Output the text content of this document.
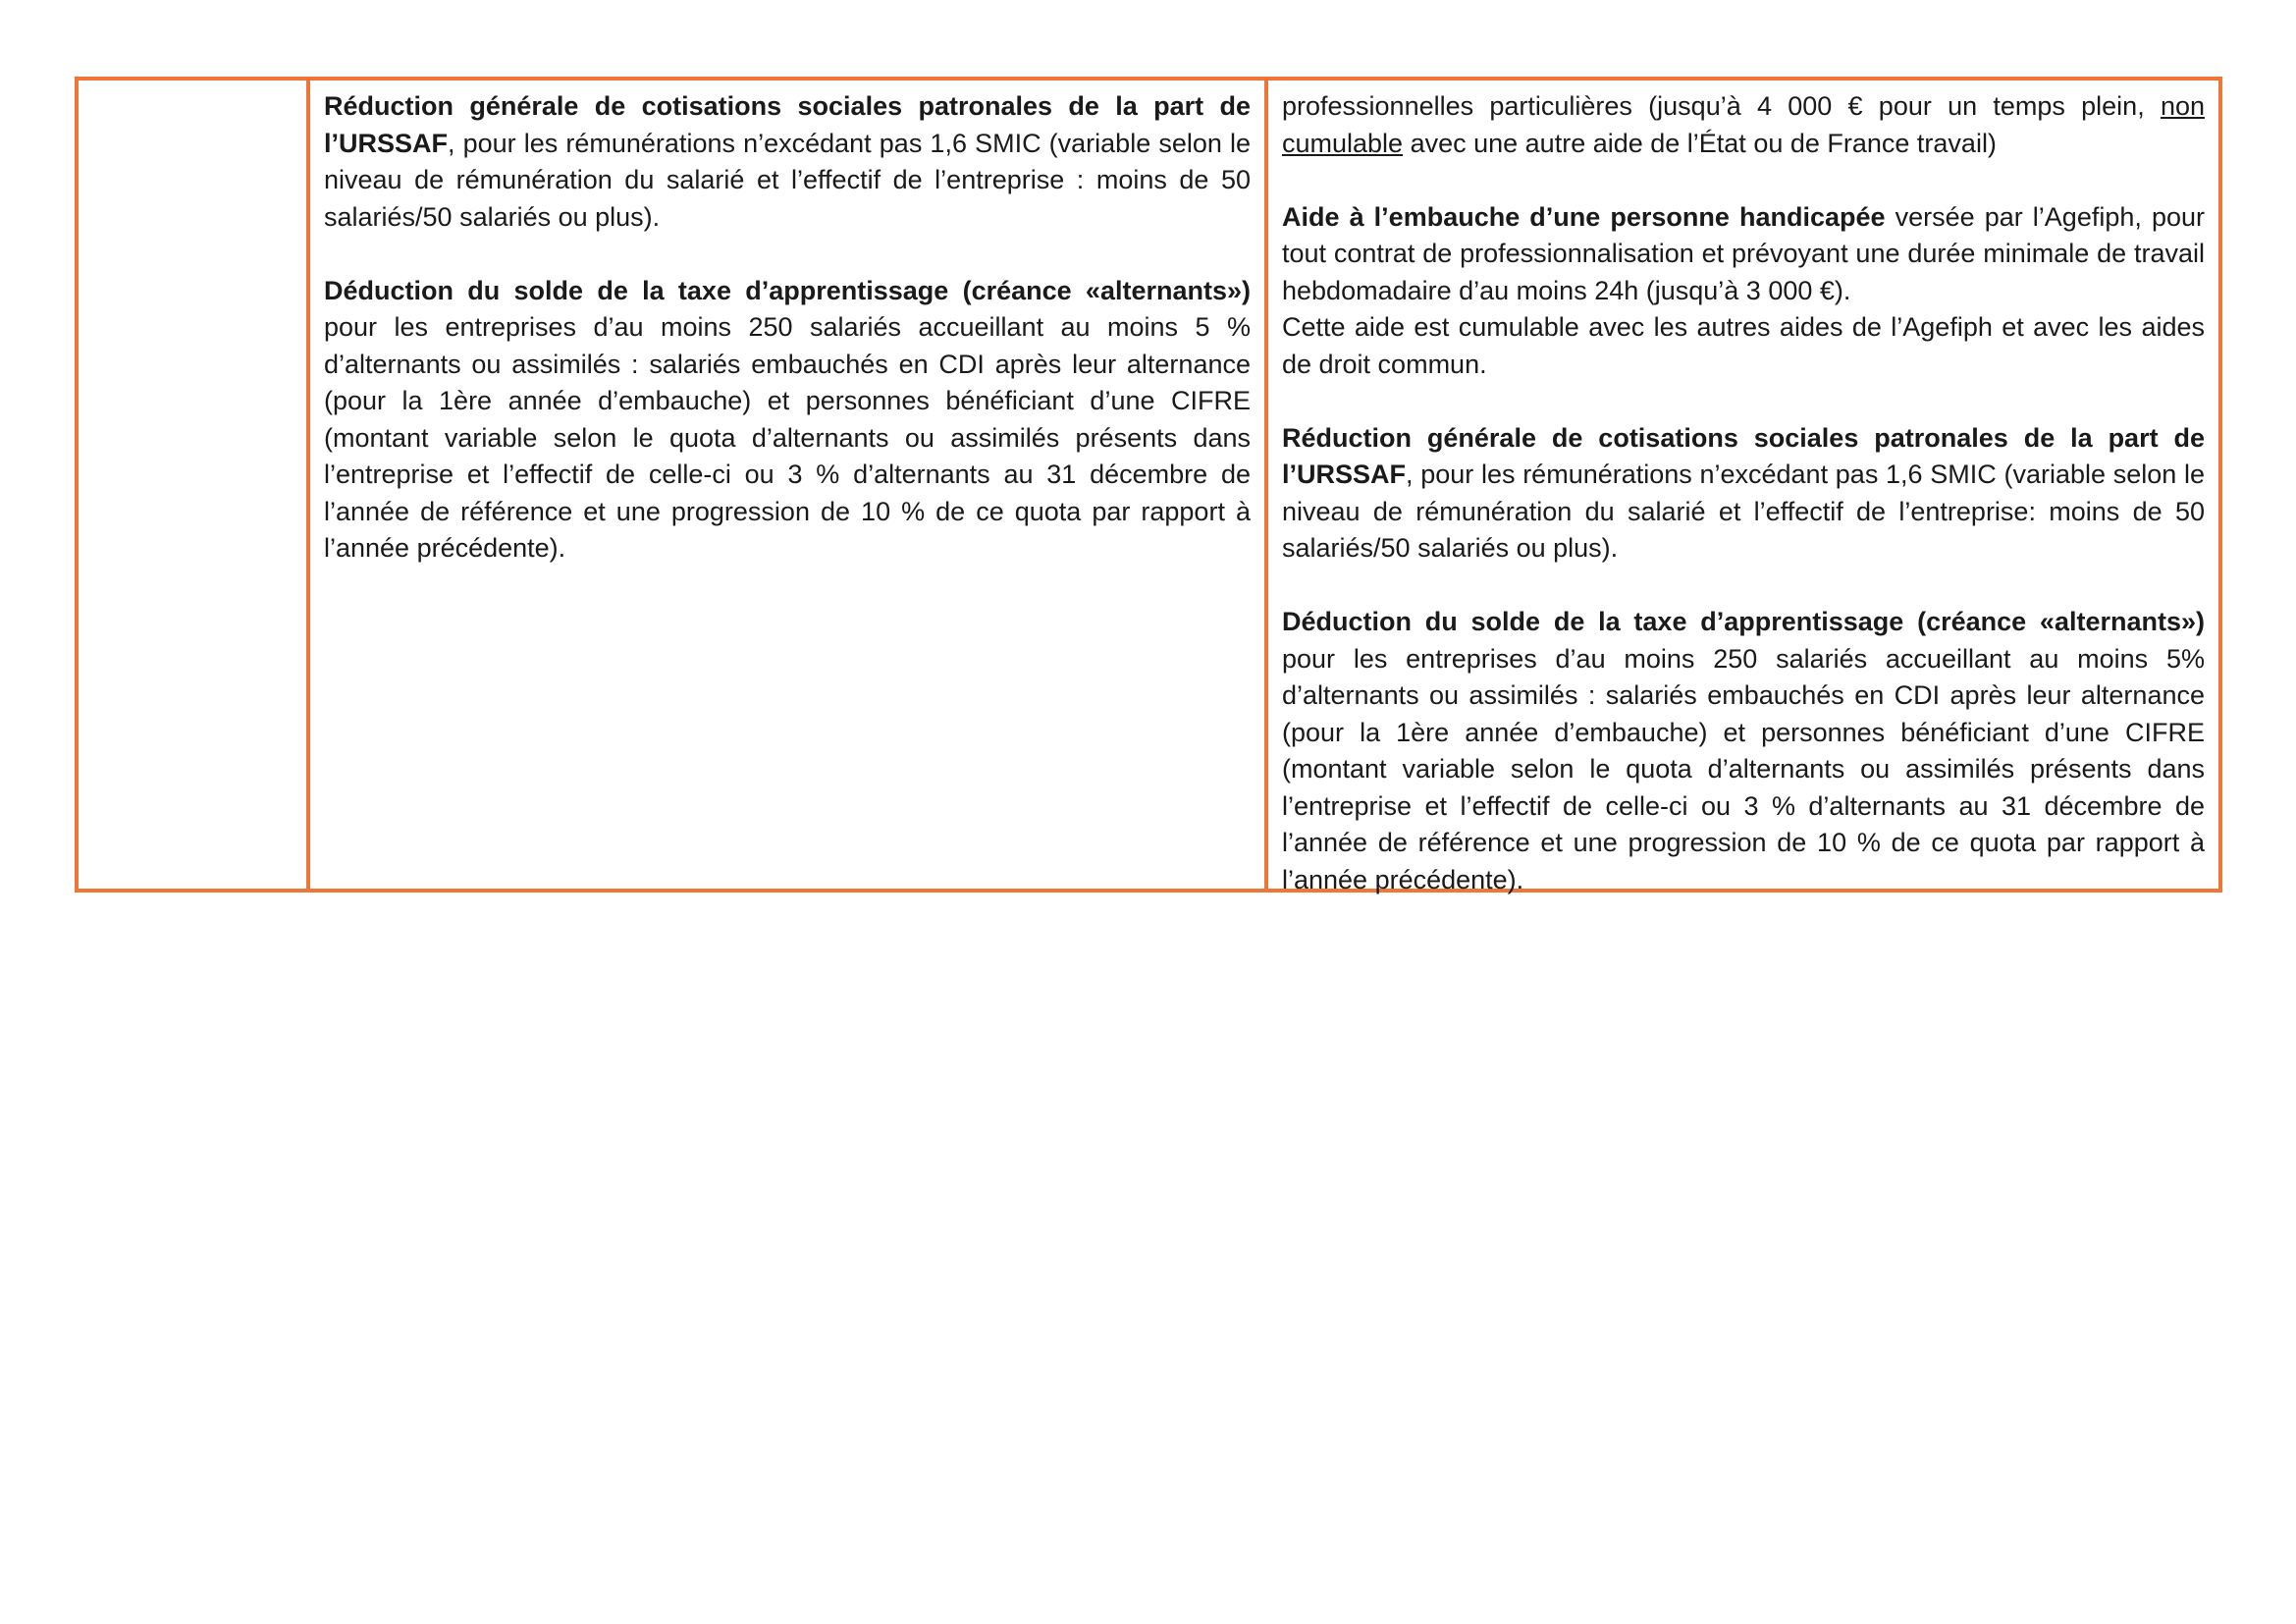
Réduction générale de cotisations sociales patronales de la part de l’URSSAF, pour les rémunérations n’excédant pas 1,6 SMIC (variable selon le niveau de rémunération du salarié et l’effectif de l’entreprise : moins de 50 salariés/50 salariés ou plus).

Déduction du solde de la taxe d’apprentissage (créance «alternants») pour les entreprises d’au moins 250 salariés accueillant au moins 5 % d’alternants ou assimilés : salariés embauchés en CDI après leur alternance (pour la 1ère année d’embauche) et personnes bénéficiant d’une CIFRE (montant variable selon le quota d’alternants ou assimilés présents dans l’entreprise et l’effectif de celle-ci ou 3 % d’alternants au 31 décembre de l’année de référence et une progression de 10 % de ce quota par rapport à l’année précédente).

professionnelles particulières (jusqu’à 4 000 € pour un temps plein, non cumulable avec une autre aide de l’État ou de France travail)

Aide à l’embauche d’une personne handicapée versée par l’Agefiph, pour tout contrat de professionnalisation et prévoyant une durée minimale de travail hebdomadaire d’au moins 24h (jusqu’à 3 000 €).

Cette aide est cumulable avec les autres aides de l’Agefiph et avec les aides de droit commun.

Réduction générale de cotisations sociales patronales de la part de l’URSSAF, pour les rémunérations n’excédant pas 1,6 SMIC (variable selon le niveau de rémunération du salarié et l’effectif de l’entreprise: moins de 50 salariés/50 salariés ou plus).

Déduction du solde de la taxe d’apprentissage (créance «alternants») pour les entreprises d’au moins 250 salariés accueillant au moins 5% d’alternants ou assimilés : salariés embauchés en CDI après leur alternance (pour la 1ère année d’embauche) et personnes bénéficiant d’une CIFRE (montant variable selon le quota d’alternants ou assimilés présents dans l’entreprise et l’effectif de celle-ci ou 3 % d’alternants au 31 décembre de l’année de référence et une progression de 10 % de ce quota par rapport à l’année précédente).
